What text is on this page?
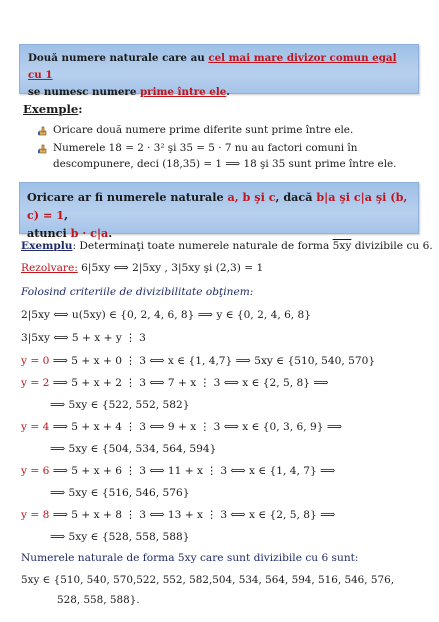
Două numere naturale care au cel mai mare divizor comun egal cu 1
se numesc numere prime între ele.
Exemple:
Oricare două numere prime diferite sunt prime între ele.
Numerele 18 = 2 · 3² şi 35 = 5 · 7 nu au factori comuni în
descompunere, deci (18,35) = 1 ⟹ 18 şi 35 sunt prime între ele.
Oricare ar fi numerele naturale a, b şi c, dacă b|a şi c|a şi (b, c) = 1,
atunci b · c|a.
Exemplu: Determinaţi toate numerele naturale de forma 5xy divizibile cu 6.
Rezolvare: 6|5xy ⟺ 2|5xy , 3|5xy şi (2,3) = 1
Folosind criteriile de divizibilitate obţinem:
2|5xy ⟺ u(5xy) ∈ {0, 2, 4, 6, 8} ⟹ y ∈ {0, 2, 4, 6, 8}
3|5xy ⟺ 5 + x + y ⋮ 3
y = 0 ⟹ 5 + x + 0 ⋮ 3 ⟺ x ∈ {1, 4,7} ⟹ 5xy ∈ {510, 540, 570}
y = 2 ⟹ 5 + x + 2 ⋮ 3 ⟺ 7 + x ⋮ 3 ⟺ x ∈ {2, 5, 8} ⟹
⟹ 5xy ∈ {522, 552, 582}
y = 4 ⟹ 5 + x + 4 ⋮ 3 ⟺ 9 + x ⋮ 3 ⟺ x ∈ {0, 3, 6, 9} ⟹
⟹ 5xy ∈ {504, 534, 564, 594}
y = 6 ⟹ 5 + x + 6 ⋮ 3 ⟺ 11 + x ⋮ 3 ⟺ x ∈ {1, 4, 7} ⟹
⟹ 5xy ∈ {516, 546, 576}
y = 8 ⟹ 5 + x + 8 ⋮ 3 ⟺ 13 + x ⋮ 3 ⟺ x ∈ {2, 5, 8} ⟹
⟹ 5xy ∈ {528, 558, 588}
Numerele naturale de forma 5xy care sunt divizibile cu 6 sunt:
5xy ∈ {510, 540, 570,522, 552, 582,504, 534, 564, 594, 516, 546, 576,
528, 558, 588}.
